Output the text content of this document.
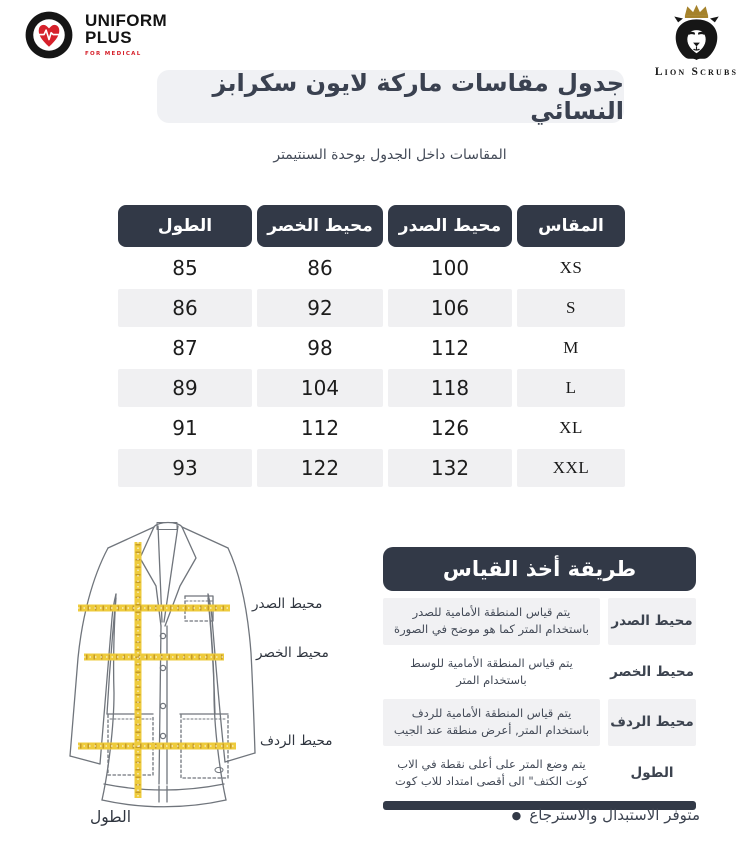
UNIFORM
PLUS
FOR MEDICAL
Lion Scrubs
جدول مقاسات ماركة لايون سكرابز النسائي
المقاسات داخل الجدول بوحدة السنتيمتر
المقاس
محيط الصدر
محيط الخصر
الطول
XS
100
86
85
S
106
92
86
M
112
98
87
L
118
104
89
XL
126
112
91
XXL
132
122
93
محيط الصدر
محيط الخصر
محيط الردف
الطول
طريقة أخذ القياس
محيط الصدر
يتم قياس المنطقة الأمامية للصدر باستخدام المتر كما هو موضح في الصورة
محيط الخصر
يتم قياس المنطقة الأمامية للوسط باستخدام المتر
محيط الردف
يتم قياس المنطقة الأمامية للردف باستخدام المتر, أعرض منطقة عند الجيب
الطول
يتم وضع المتر على أعلى نقطة في الاب كوت الكتف" الى أقصى امتداد للاب كوت
● متوفر الاستبدال والاسترجاع
